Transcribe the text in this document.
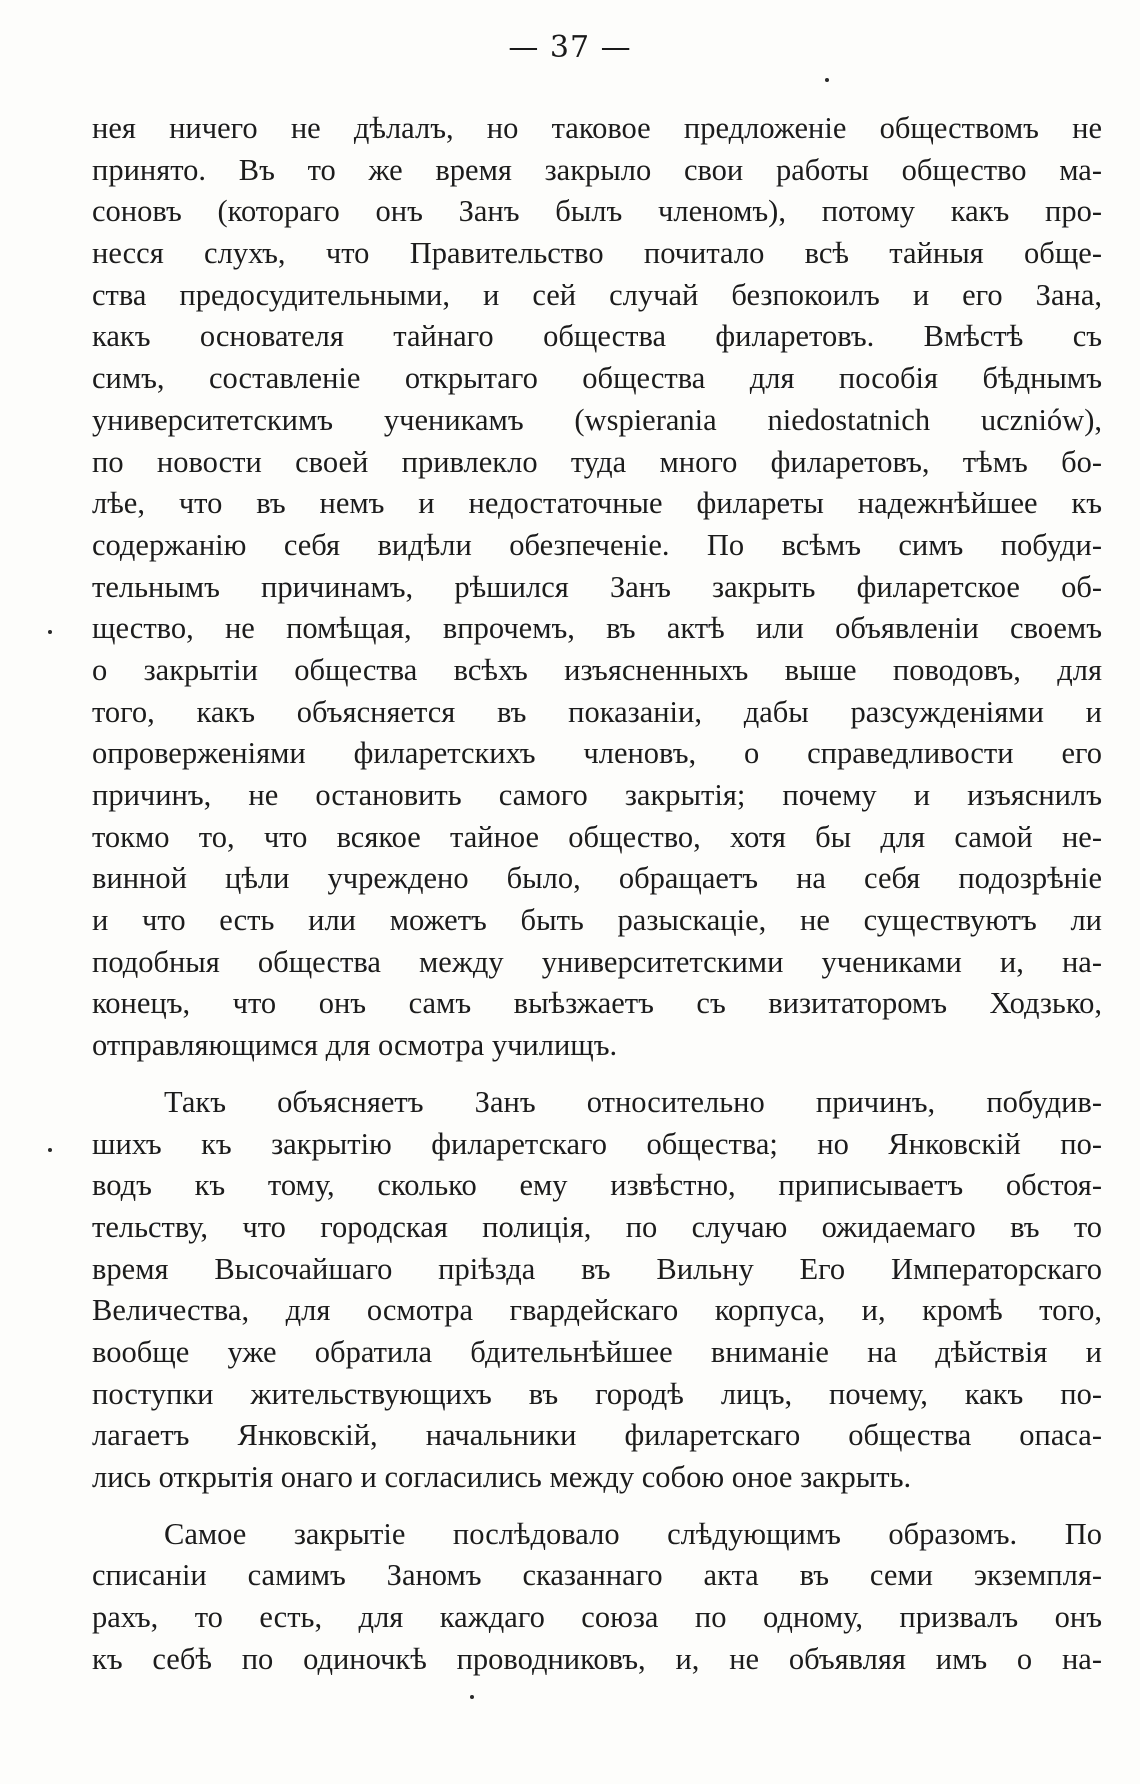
— 37 —
нея ничего не дѣлалъ, но таковое предложеніе обществомъ не
принято. Въ то же время закрыло свои работы общество ма-
соновъ (котораго онъ Занъ былъ членомъ), потому какъ про-
несся слухъ, что Правительство почитало всѣ тайныя обще-
ства предосудительными, и сей случай безпокоилъ и его Зана,
какъ основателя тайнаго общества филаретовъ. Вмѣстѣ съ
симъ, составленіе открытаго общества для пособія бѣднымъ
университетскимъ ученикамъ (wspierania niedostatnich uczniów),
по новости своей привлекло туда много филаретовъ, тѣмъ бо-
лѣе, что въ немъ и недостаточные филареты надежнѣйшее къ
содержанію себя видѣли обезпеченіе. По всѣмъ симъ побуди-
тельнымъ причинамъ, рѣшился Занъ закрыть филаретское об-
щество, не помѣщая, впрочемъ, въ актѣ или объявленіи своемъ
о закрытіи общества всѣхъ изъясненныхъ выше поводовъ, для
того, какъ объясняется въ показаніи, дабы разсужденіями и
опроверженіями филаретскихъ членовъ, о справедливости его
причинъ, не остановить самого закрытія; почему и изъяснилъ
токмо то, что всякое тайное общество, хотя бы для самой не-
винной цѣли учреждено было, обращаетъ на себя подозрѣніе
и что есть или можетъ быть разыскаціе, не существуютъ ли
подобныя общества между университетскими учениками и, на-
конецъ, что онъ самъ выѣзжаетъ съ визитаторомъ Ходзько,
отправляющимся для осмотра училищъ.
Такъ объясняетъ Занъ относительно причинъ, побудив-
шихъ къ закрытію филаретскаго общества; но Янковскій по-
водъ къ тому, сколько ему извѣстно, приписываетъ обстоя-
тельству, что городская полиція, по случаю ожидаемаго въ то
время Высочайшаго пріѣзда въ Вильну Его Императорскаго
Величества, для осмотра гвардейскаго корпуса, и, кромѣ того,
вообще уже обратила бдительнѣйшее вниманіе на дѣйствія и
поступки жительствующихъ въ городѣ лицъ, почему, какъ по-
лагаетъ Янковскій, начальники филаретскаго общества опаса-
лись открытія онаго и согласились между собою оное закрыть.
Самое закрытіе послѣдовало слѣдующимъ образомъ. По
списаніи самимъ Заномъ сказаннаго акта въ семи экземпля-
рахъ, то есть, для каждаго союза по одному, призвалъ онъ
къ себѣ по одиночкѣ проводниковъ, и, не объявляя имъ о на-
